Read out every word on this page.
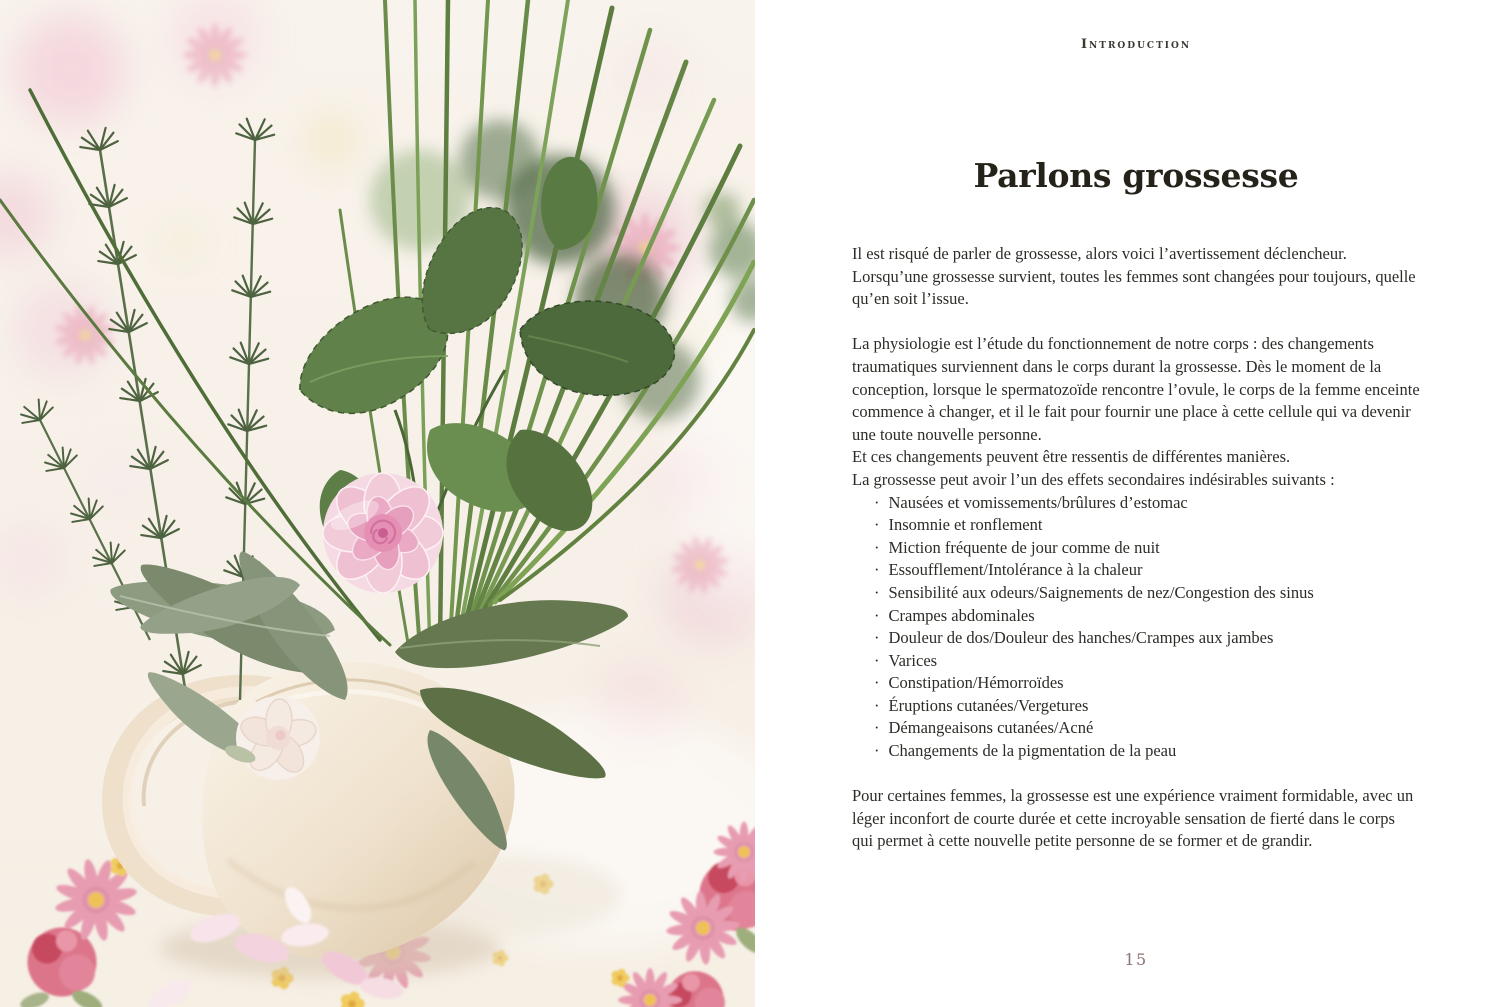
Introduction
Parlons grossesse

Il est risqué de parler de grossesse, alors voici l’avertissement déclencheur. Lorsqu’une grossesse survient, toutes les femmes sont changées pour toujours, quelle qu’en soit l’issue.

La physiologie est l’étude du fonctionnement de notre corps : des changements traumatiques surviennent dans le corps durant la grossesse. Dès le moment de la conception, lorsque le spermatozoïde rencontre l’ovule, le corps de la femme enceinte commence à changer, et il le fait pour fournir une place à cette cellule qui va devenir une toute nouvelle personne.

Et ces changements peuvent être ressentis de différentes manières.

La grossesse peut avoir l’un des effets secondaires indésirables suivants :

· Nausées et vomissements/brûlures d’estomac
· Insomnie et ronflement
· Miction fréquente de jour comme de nuit
· Essoufflement/Intolérance à la chaleur
· Sensibilité aux odeurs/Saignements de nez/Congestion des sinus
· Crampes abdominales
· Douleur de dos/Douleur des hanches/Crampes aux jambes
· Varices
· Constipation/Hémorroïdes
· Éruptions cutanées/Vergetures
· Démangeaisons cutanées/Acné
· Changements de la pigmentation de la peau

Pour certaines femmes, la grossesse est une expérience vraiment formidable, avec un léger inconfort de courte durée et cette incroyable sensation de fierté dans le corps qui permet à cette nouvelle petite personne de se former et de grandir.

15
